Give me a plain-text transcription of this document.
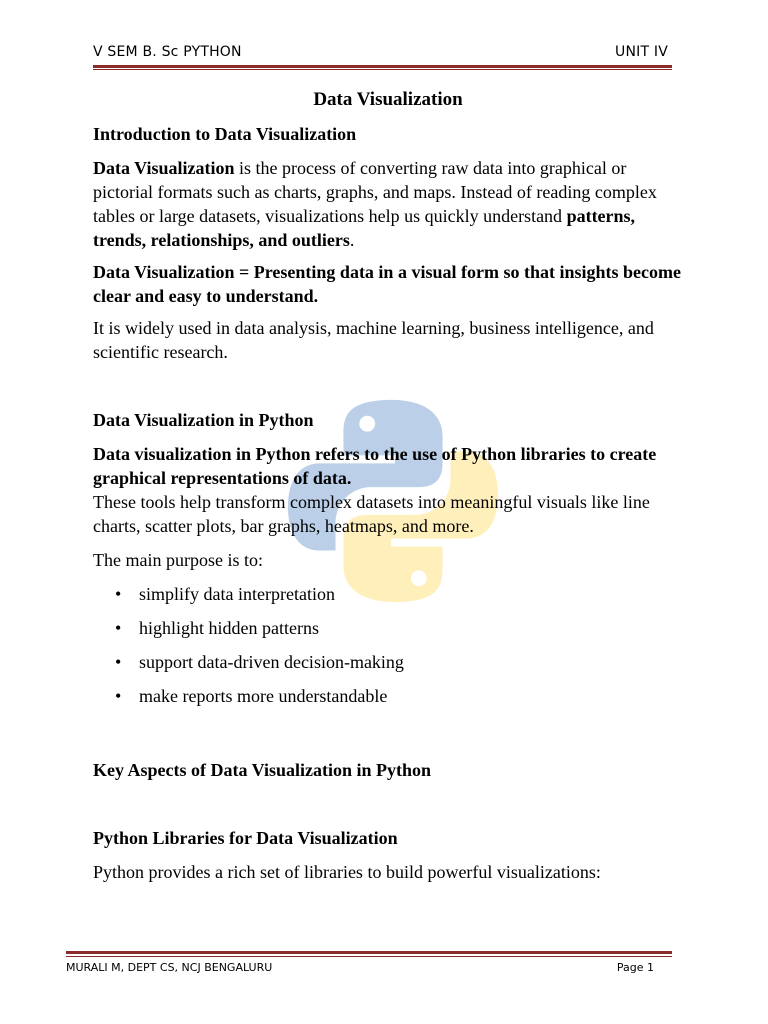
V SEM B. Sc PYTHON	UNIT IV
Data Visualization
Introduction to Data Visualization

Data Visualization is the process of converting raw data into graphical or pictorial formats such as charts, graphs, and maps. Instead of reading complex tables or large datasets, visualizations help us quickly understand patterns, trends, relationships, and outliers.

Data Visualization = Presenting data in a visual form so that insights become clear and easy to understand.

It is widely used in data analysis, machine learning, business intelligence, and scientific research.

Data Visualization in Python

Data visualization in Python refers to the use of Python libraries to create graphical representations of data.

These tools help transform complex datasets into meaningful visuals like line charts, scatter plots, bar graphs, heatmaps, and more.

The main purpose is to:

• simplify data interpretation
• highlight hidden patterns
• support data-driven decision-making
• make reports more understandable
Key Aspects of Data Visualization in Python
Python Libraries for Data Visualization

Python provides a rich set of libraries to build powerful visualizations:

MURALI M, DEPT CS, NCJ BENGALURU	Page 1
